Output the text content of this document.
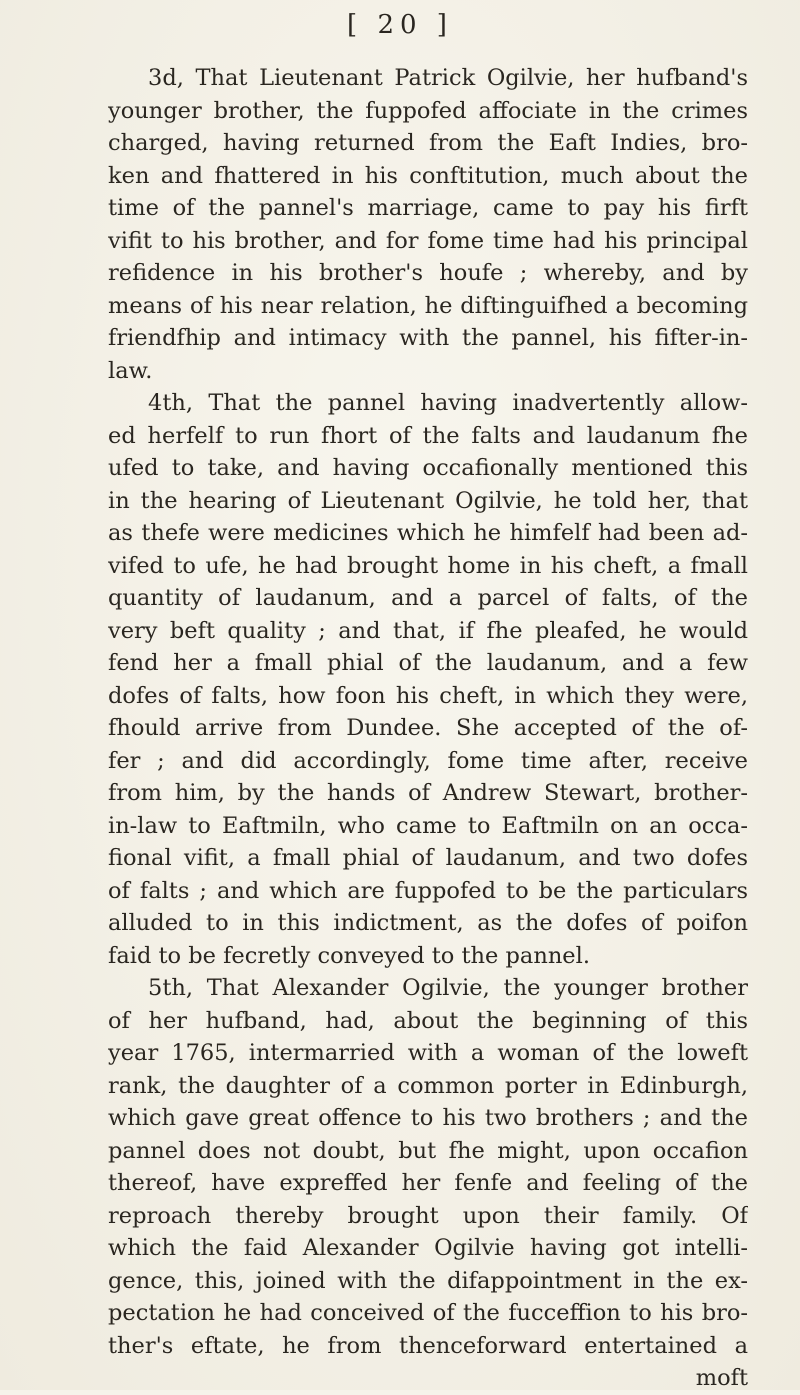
[ 20 ]
3d, That Lieutenant Patrick Ogilvie, her hufband's
younger brother, the fuppofed affociate in the crimes
charged, having returned from the Eaft Indies, bro-
ken and fhattered in his conftitution, much about the
time of the pannel's marriage, came to pay his firft
vifit to his brother, and for fome time had his principal
refidence in his brother's houfe ; whereby, and by
means of his near relation, he diftinguifhed a becoming
friendfhip and intimacy with the pannel, his fifter-in-
law.
4th, That the pannel having inadvertently allow-
ed herfelf to run fhort of the falts and laudanum fhe
ufed to take, and having occafionally mentioned this
in the hearing of Lieutenant Ogilvie, he told her, that
as thefe were medicines which he himfelf had been ad-
vifed to ufe, he had brought home in his cheft, a fmall
quantity of laudanum, and a parcel of falts, of the
very beft quality ; and that, if fhe pleafed, he would
fend her a fmall phial of the laudanum, and a few
dofes of falts, how foon his cheft, in which they were,
fhould arrive from Dundee. She accepted of the of-
fer ; and did accordingly, fome time after, receive
from him, by the hands of Andrew Stewart, brother-
in-law to Eaftmiln, who came to Eaftmiln on an occa-
fional vifit, a fmall phial of laudanum, and two dofes
of falts ; and which are fuppofed to be the particulars
alluded to in this indictment, as the dofes of poifon
faid to be fecretly conveyed to the pannel.
5th, That Alexander Ogilvie, the younger brother
of her hufband, had, about the beginning of this
year 1765, intermarried with a woman of the loweft
rank, the daughter of a common porter in Edinburgh,
which gave great offence to his two brothers ; and the
pannel does not doubt, but fhe might, upon occafion
thereof, have expreffed her fenfe and feeling of the
reproach thereby brought upon their family. Of
which the faid Alexander Ogilvie having got intelli-
gence, this, joined with the difappointment in the ex-
pectation he had conceived of the fucceffion to his bro-
ther's eftate, he from thenceforward entertained a
moft
